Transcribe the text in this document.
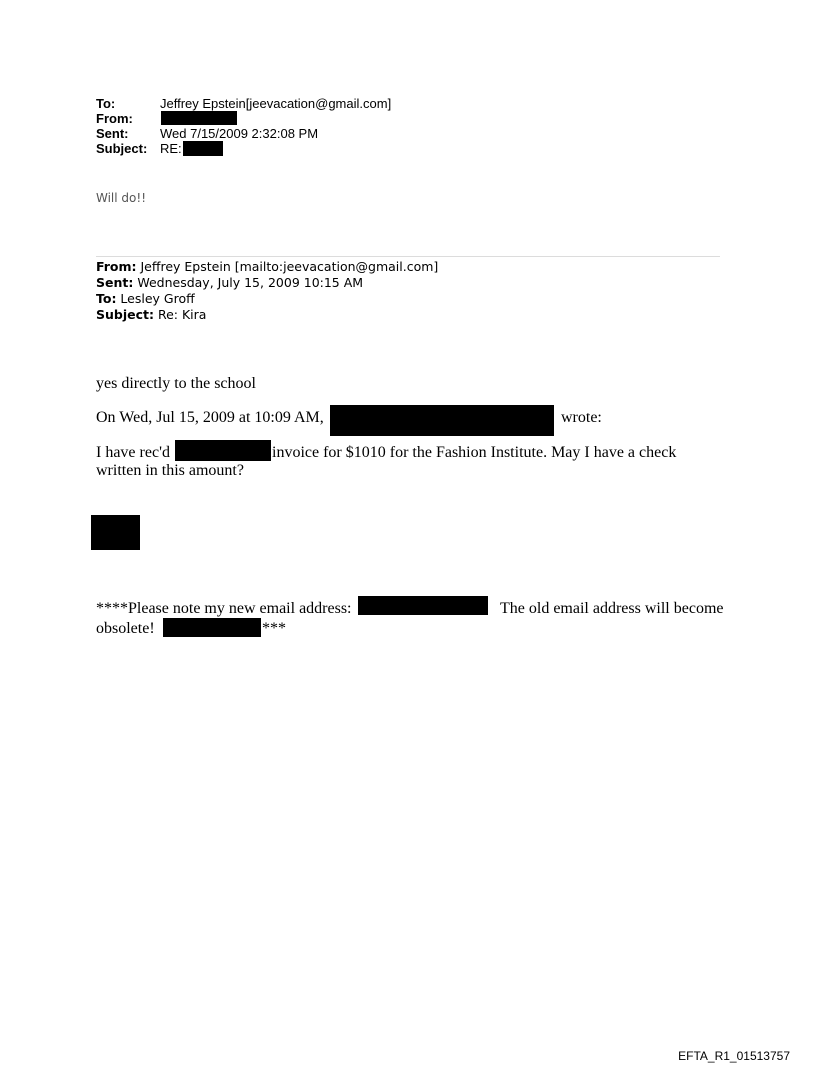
To:	Jeffrey Epstein[jeevacation@gmail.com]
From:
Sent: Wed 7/15/2009 2:32:08 PM
Subject: RE:
Will do!!
From: Jeffrey Epstein [mailto:jeevacation@gmail.com]
Sent: Wednesday, July 15, 2009 10:15 AM
To: Lesley Groff
Subject: Re: Kira
yes directly to the school
On Wed, Jul 15, 2009 at 10:09 AM,	wrote:
I have rec'd	invoice for $1010 for the Fashion Institute. May I have a check
written in this amount?
****Please note my new email address:	The old email address will become
obsolete!	***
EFTA_R1_01513757
